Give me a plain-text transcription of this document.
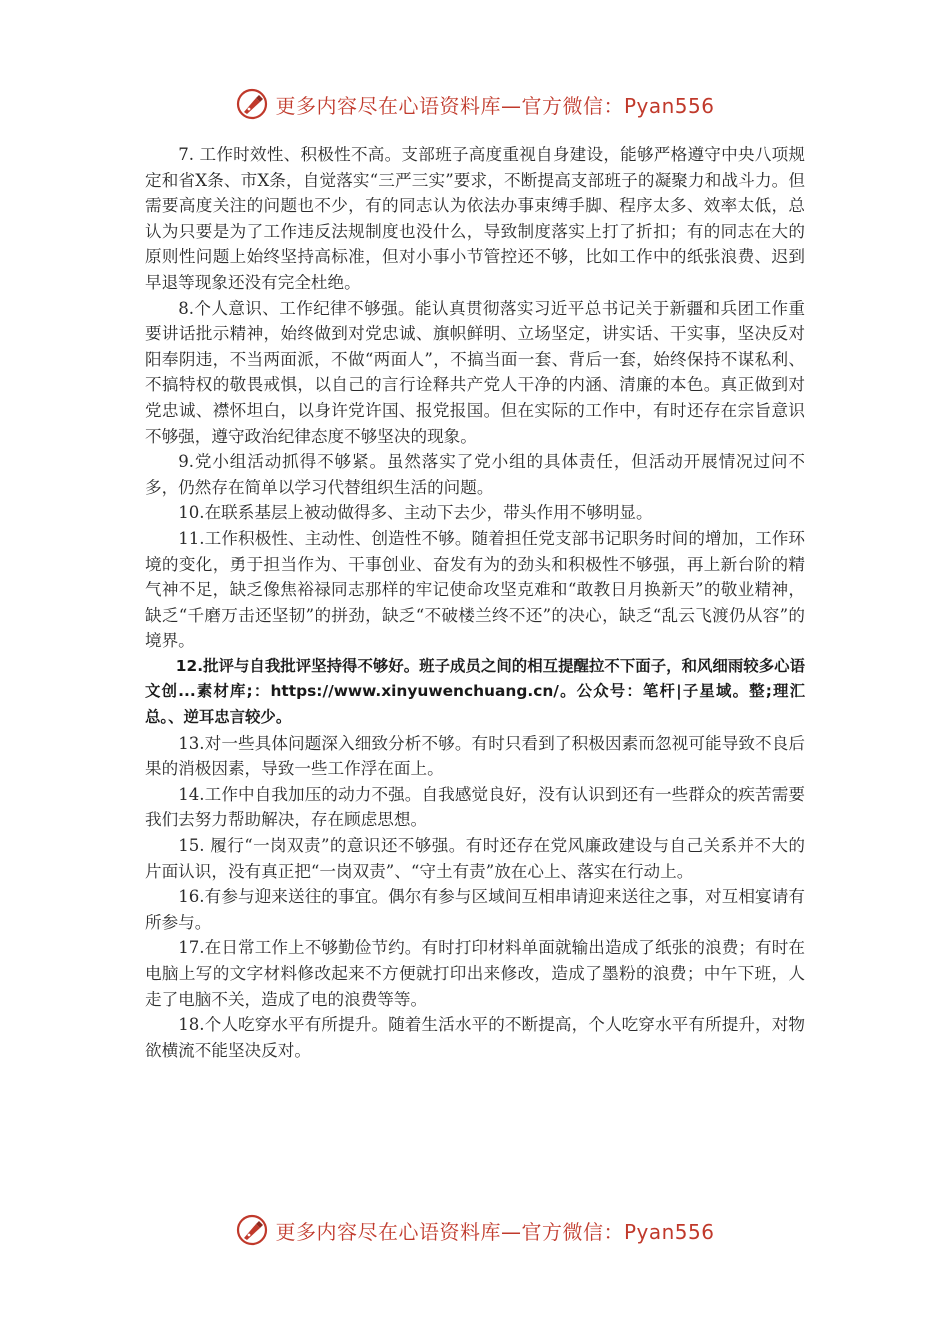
更多内容尽在心语资料库—官方微信：Pyan556

7. 工作时效性、积极性不高。支部班子高度重视自身建设，能够严格遵守中央八项规定和省X条、市X条，自觉落实“三严三实”要求，不断提高支部班子的凝聚力和战斗力。但需要高度关注的问题也不少，有的同志认为依法办事束缚手脚、程序太多、效率太低，总认为只要是为了工作违反法规制度也没什么，导致制度落实上打了折扣；有的同志在大的原则性问题上始终坚持高标准，但对小事小节管控还不够，比如工作中的纸张浪费、迟到早退等现象还没有完全杜绝。

8.个人意识、工作纪律不够强。能认真贯彻落实习近平总书记关于新疆和兵团工作重要讲话批示精神，始终做到对党忠诚、旗帜鲜明、立场坚定，讲实话、干实事，坚决反对阳奉阴违，不当两面派，不做“两面人”，不搞当面一套、背后一套，始终保持不谋私利、不搞特权的敬畏戒惧，以自己的言行诠释共产党人干净的内涵、清廉的本色。真正做到对党忠诚、襟怀坦白，以身许党许国、报党报国。但在实际的工作中，有时还存在宗旨意识不够强，遵守政治纪律态度不够坚决的现象。

9.党小组活动抓得不够紧。虽然落实了党小组的具体责任，但活动开展情况过问不多，仍然存在简单以学习代替组织生活的问题。

10.在联系基层上被动做得多、主动下去少，带头作用不够明显。

11.工作积极性、主动性、创造性不够。随着担任党支部书记职务时间的增加，工作环境的变化，勇于担当作为、干事创业、奋发有为的劲头和积极性不够强，再上新台阶的精气神不足，缺乏像焦裕禄同志那样的牢记使命攻坚克难和“敢教日月换新天”的敬业精神，缺乏“千磨万击还坚韧”的拼劲，缺乏“不破楼兰终不还”的决心，缺乏“乱云飞渡仍从容”的境界。

12.批评与自我批评坚持得不够好。班子成员之间的相互提醒拉不下面子，和风细雨较多心语文创...素材库;：https://www.xinyuwenchuang.cn/。公众号：笔杆|子星域。整;理汇总。、逆耳忠言较少。

13.对一些具体问题深入细致分析不够。有时只看到了积极因素而忽视可能导致不良后果的消极因素，导致一些工作浮在面上。

14.工作中自我加压的动力不强。自我感觉良好，没有认识到还有一些群众的疾苦需要我们去努力帮助解决，存在顾虑思想。

15. 履行“一岗双责”的意识还不够强。有时还存在党风廉政建设与自己关系并不大的片面认识，没有真正把“一岗双责”、“守土有责”放在心上、落实在行动上。

16.有参与迎来送往的事宜。偶尔有参与区域间互相串请迎来送往之事，对互相宴请有所参与。

17.在日常工作上不够勤俭节约。有时打印材料单面就输出造成了纸张的浪费；有时在电脑上写的文字材料修改起来不方便就打印出来修改，造成了墨粉的浪费；中午下班，人走了电脑不关，造成了电的浪费等等。

18.个人吃穿水平有所提升。随着生活水平的不断提高，个人吃穿水平有所提升，对物欲横流不能坚决反对。

更多内容尽在心语资料库—官方微信：Pyan556
